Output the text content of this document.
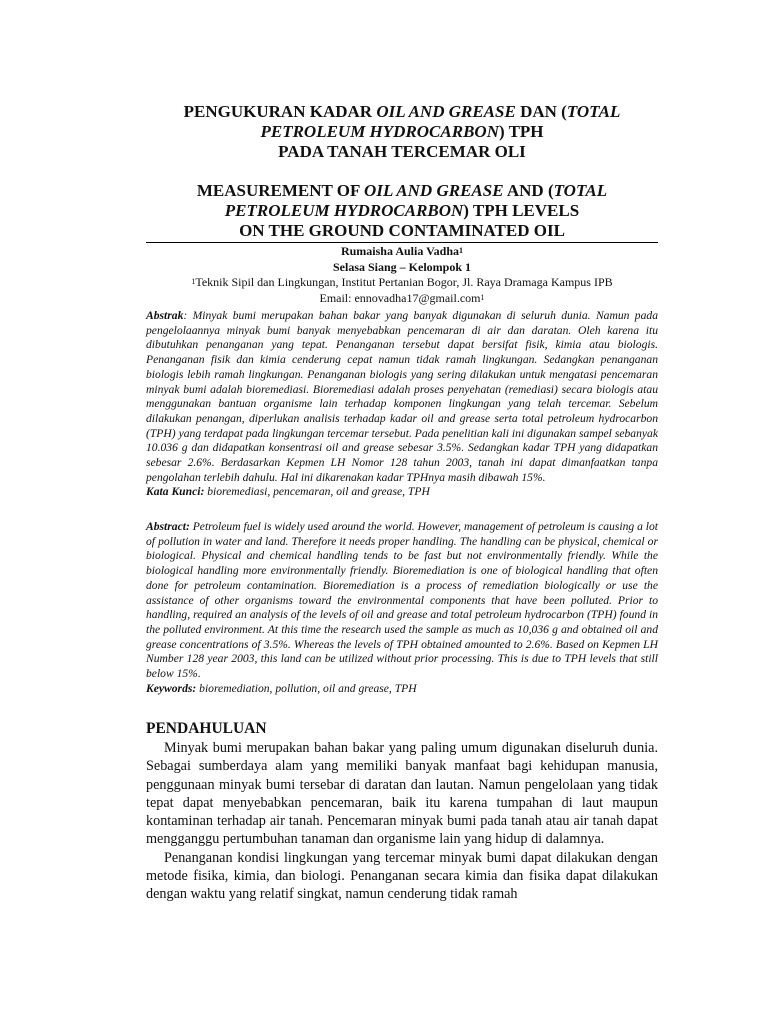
PENGUKURAN KADAR OIL AND GREASE DAN (TOTAL
PETROLEUM HYDROCARBON) TPH
PADA TANAH TERCEMAR OLI
MEASUREMENT OF OIL AND GREASE AND (TOTAL
PETROLEUM HYDROCARBON) TPH LEVELS
ON THE GROUND CONTAMINATED OIL
Rumaisha Aulia Vadha$^1$
Selasa Siang – Kelompok 1
$^1$Teknik Sipil dan Lingkungan, Institut Pertanian Bogor, Jl. Raya Dramaga Kampus IPB
Email: ennovadha17@gmail.com$^1$

Abstrak: Minyak bumi merupakan bahan bakar yang banyak digunakan di seluruh dunia. Namun pada pengelolaannya minyak bumi banyak menyebabkan pencemaran di air dan daratan. Oleh karena itu dibutuhkan penanganan yang tepat. Penanganan tersebut dapat bersifat fisik, kimia atau biologis. Penanganan fisik dan kimia cenderung cepat namun tidak ramah lingkungan. Sedangkan penanganan biologis lebih ramah lingkungan. Penanganan biologis yang sering dilakukan untuk mengatasi pencemaran minyak bumi adalah bioremediasi. Bioremediasi adalah proses penyehatan (remediasi) secara biologis atau menggunakan bantuan organisme lain terhadap komponen lingkungan yang telah tercemar. Sebelum dilakukan penangan, diperlukan analisis terhadap kadar oil and grease serta total petroleum hydrocarbon (TPH) yang terdapat pada lingkungan tercemar tersebut. Pada penelitian kali ini digunakan sampel sebanyak 10.036 g dan didapatkan konsentrasi oil and grease sebesar 3.5%. Sedangkan kadar TPH yang didapatkan sebesar 2.6%. Berdasarkan Kepmen LH Nomor 128 tahun 2003, tanah ini dapat dimanfaatkan tanpa pengolahan terlebih dahulu. Hal ini dikarenakan kadar TPHnya masih dibawah 15%.
Kata Kunci: bioremediasi, pencemaran, oil and grease, TPH

Abstract: Petroleum fuel is widely used around the world. However, management of petroleum is causing a lot of pollution in water and land. Therefore it needs proper handling. The handling can be physical, chemical or biological. Physical and chemical handling tends to be fast but not environmentally friendly. While the biological handling more environmentally friendly. Bioremediation is one of biological handling that often done for petroleum contamination. Bioremediation is a process of remediation biologically or use the assistance of other organisms toward the environmental components that have been polluted. Prior to handling, required an analysis of the levels of oil and grease and total petroleum hydrocarbon (TPH) found in the polluted environment. At this time the research used the sample as much as 10,036 g and obtained oil and grease concentrations of 3.5%. Whereas the levels of TPH obtained amounted to 2.6%. Based on Kepmen LH Number 128 year 2003, this land can be utilized without prior processing. This is due to TPH levels that still below 15%.
Keywords: bioremediation, pollution, oil and grease, TPH

PENDAHULUAN

Minyak bumi merupakan bahan bakar yang paling umum digunakan diseluruh dunia. Sebagai sumberdaya alam yang memiliki banyak manfaat bagi kehidupan manusia, penggunaan minyak bumi tersebar di daratan dan lautan. Namun pengelolaan yang tidak tepat dapat menyebabkan pencemaran, baik itu karena tumpahan di laut maupun kontaminan terhadap air tanah. Pencemaran minyak bumi pada tanah atau air tanah dapat mengganggu pertumbuhan tanaman dan organisme lain yang hidup di dalamnya.

Penanganan kondisi lingkungan yang tercemar minyak bumi dapat dilakukan dengan metode fisika, kimia, dan biologi. Penanganan secara kimia dan fisika dapat dilakukan dengan waktu yang relatif singkat, namun cenderung tidak ramah
